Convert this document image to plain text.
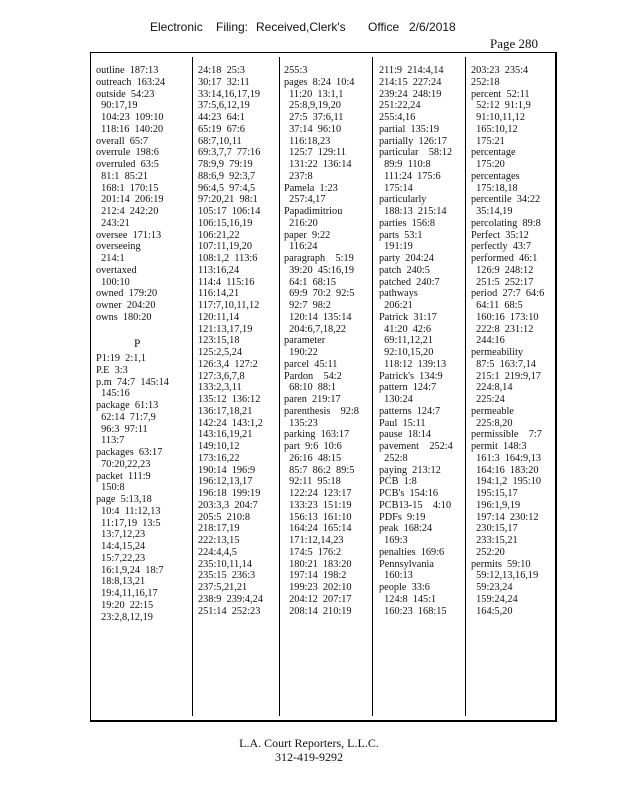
Electronic Filing: Received,Clerk's Office 2/6/2018
Page 280
outline  187:13
outreach  163:24
outside  54:23
90:17,19
104:23  109:10
118:16  140:20
overall  65:7
overrule  198:6
overruled  63:5
81:1  85:21
168:1  170:15
201:14  206:19
212:4  242:20
243:21
oversee  171:13
overseeing
214:1
overtaxed
100:10
owned  179:20
owner  204:20
owns  180:20

P
P1:19  2:1,1
P.E  3:3
p.m  74:7  145:14
145:16
package  61:13
62:14  71:7,9
96:3  97:11
113:7
packages  63:17
70:20,22,23
packet  111:9
150:8
page  5:13,18
10:4  11:12,13
11:17,19  13:5
13:7,12,23
14:4,15,24
15:7,22,23
16:1,9,24  18:7
18:8,13,21
19:4,11,16,17
19:20  22:15
23:2,8,12,19
24:18  25:3
30:17  32:11
33:14,16,17,19
37:5,6,12,19
44:23  64:1
65:19  67:6
68:7,10,11
69:3,7,7  77:16
78:9,9  79:19
88:6,9  92:3,7
96:4,5  97:4,5
97:20,21  98:1
105:17  106:14
106:15,16,19
106:21,22
107:11,19,20
108:1,2  113:6
113:16,24
114:4  115:16
116:14,21
117:7,10,11,12
120:11,14
121:13,17,19
123:15,18
125:2,5,24
126:3,4  127:2
127:3,6,7,8
133:2,3,11
135:12  136:12
136:17,18,21
142:24  143:1,2
143:16,19,21
149:10,12
173:16,22
190:14  196:9
196:12,13,17
196:18  199:19
203:3,3  204:7
205:5  210:8
218:17,19
222:13,15
224:4,4,5
235:10,11,14
235:15  236:3
237:5,21,21
238:9  239:4,24
251:14  252:23
255:3
pages  8:24  10:4
11:20  13:1,1
25:8,9,19,20
27:5  37:6,11
37:14  96:10
116:18,23
125:7  129:11
131:22  136:14
237:8
Pamela  1:23
257:4,17
Papadimitriou
216:20
paper  9:22
116:24
paragraph    5:19
39:20  45:16,19
64:1  68:15
69:9  70:2  92:5
92:7  98:2
120:14  135:14
204:6,7,18,22
parameter
190:22
parcel  45:11
Pardon    54:2
68:10  88:1
paren  219:17
parenthesis    92:8
135:23
parking  163:17
part  9:6  10:6
26:16  48:15
85:7  86:2  89:5
92:11  95:18
122:24  123:17
133:23  151:19
156:13  161:10
164:24  165:14
171:12,14,23
174:5  176:2
180:21  183:20
197:14  198:2
199:23  202:10
204:12  207:17
208:14  210:19
211:9  214:4,14
214:15  227:24
239:24  248:19
251:22,24
255:4,16
partial  135:19
partially  126:17
particular    58:12
89:9  110:8
111:24  175:6
175:14
particularly
188:13  215:14
parties  156:8
parts  53:1
191:19
party  204:24
patch  240:5
patched  240:7
pathways
206:21
Patrick  31:17
41:20  42:6
69:11,12,21
92:10,15,20
118:12  139:13
Patrick's  134:9
pattern  124:7
130:24
patterns  124:7
Paul  15:11
pause  18:14
pavement    252:4
252:8
paying  213:12
PCB  1:8
PCB's  154:16
PCB13-15    4:10
PDFs  9:19
peak  168:24
169:3
penalties  169:6
Pennsylvania
160:13
people  33:6
124:8  145:1
160:23  168:15
203:23  235:4
252:18
percent  52:11
52:12  91:1,9
91:10,11,12
165:10,12
175:21
percentage
175:20
percentages
175:18,18
percentile  34:22
35:14,19
percolating  89:8
Perfect  35:12
perfectly  43:7
performed  46:1
126:9  248:12
251:5  252:17
period  27:7  64:6
64:11  68:5
160:16  173:10
222:8  231:12
244:16
permeability
87:5  163:7,14
215:1  219:9,17
224:8,14
225:24
permeable
225:8,20
permissible    7:7
permit  148:3
161:3  164:9,13
164:16  183:20
194:1,2  195:10
195:15,17
196:1,9,19
197:14  230:12
230:15,17
233:15,21
252:20
permits  59:10
59:12,13,16,19
59:23,24
159:24,24
164:5,20
L.A. Court Reporters, L.L.C.
312-419-9292
